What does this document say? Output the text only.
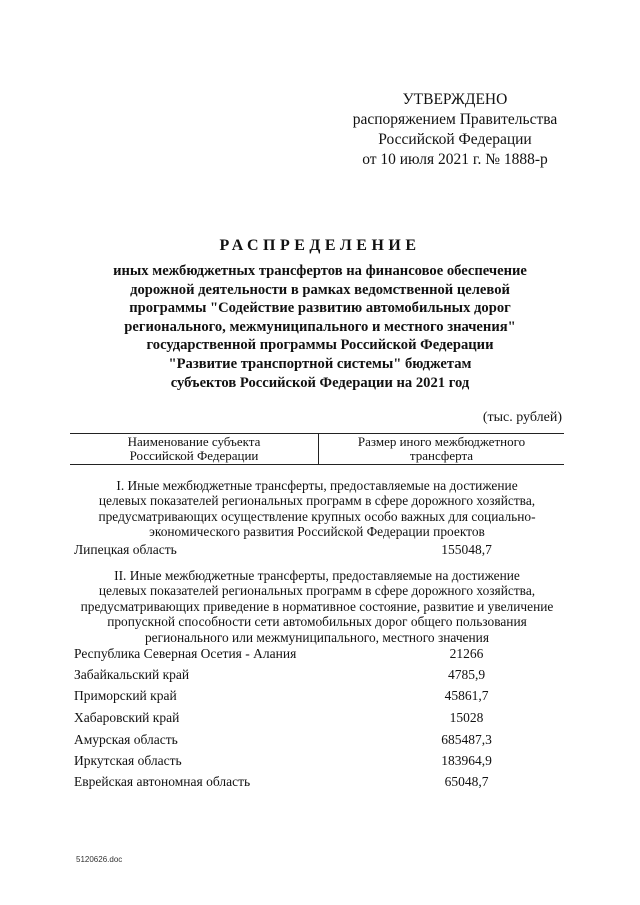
УТВЕРЖДЕНО
распоряжением Правительства
Российской Федерации
от 10 июля 2021 г. № 1888-р
РАСПРЕДЕЛЕНИЕ
иных межбюджетных трансфертов на финансовое обеспечение
дорожной деятельности в рамках ведомственной целевой
программы "Содействие развитию автомобильных дорог
регионального, межмуниципального и местного значения"
государственной программы Российской Федерации
"Развитие транспортной системы" бюджетам
субъектов Российской Федерации на 2021 год
(тыс. рублей)
Наименование субъекта
Российской Федерации
Размер иного межбюджетного
трансферта
I. Иные межбюджетные трансферты, предоставляемые на достижение
целевых показателей региональных программ в сфере дорожного хозяйства,
предусматривающих осуществление крупных особо важных для социально-
экономического развития Российской Федерации проектов
Липецкая область	155048,7
II. Иные межбюджетные трансферты, предоставляемые на достижение
целевых показателей региональных программ в сфере дорожного хозяйства,
предусматривающих приведение в нормативное состояние, развитие и увеличение
пропускной способности сети автомобильных дорог общего пользования
регионального или межмуниципального, местного значения
Республика Северная Осетия - Алания	21266
Забайкальский край	4785,9
Приморский край	45861,7
Хабаровский край	15028
Амурская область	685487,3
Иркутская область	183964,9
Еврейская автономная область	65048,7
5120626.doc
